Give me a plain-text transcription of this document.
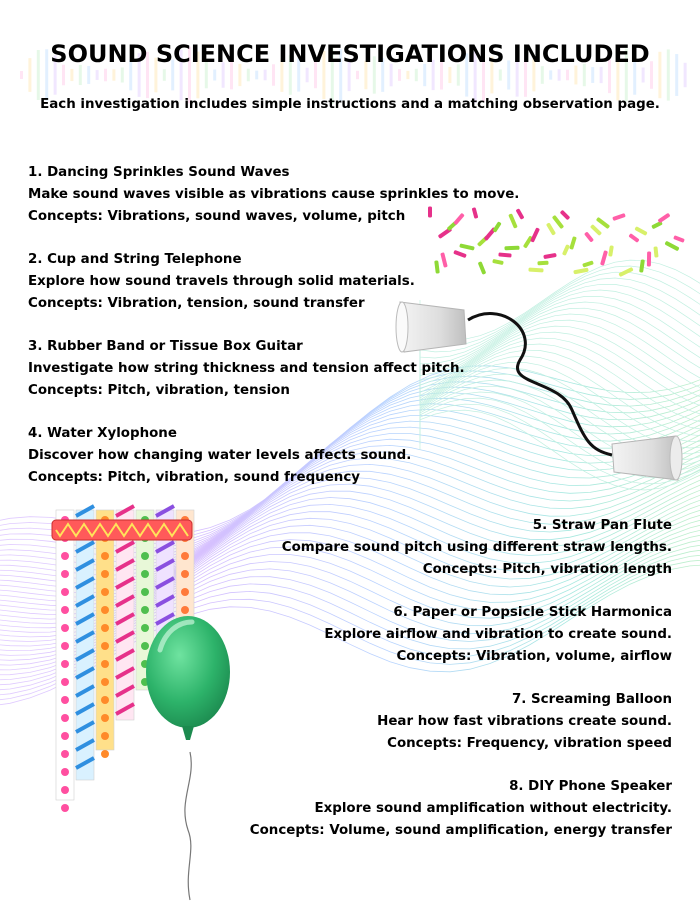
SOUND SCIENCE INVESTIGATIONS INCLUDED
Each investigation includes simple instructions and a matching observation page.
1. Dancing Sprinkles Sound Waves
Make sound waves visible as vibrations cause sprinkles to move.
Concepts: Vibrations, sound waves, volume, pitch
2. Cup and String Telephone
Explore how sound travels through solid materials.
Concepts: Vibration, tension, sound transfer
3. Rubber Band or Tissue Box Guitar
Investigate how string thickness and tension affect pitch.
Concepts: Pitch, vibration, tension
4. Water Xylophone
Discover how changing water levels affects sound.
Concepts: Pitch, vibration, sound frequency
5. Straw Pan Flute
Compare sound pitch using different straw lengths.
Concepts: Pitch, vibration length
6. Paper or Popsicle Stick Harmonica
Explore airflow and vibration to create sound.
Concepts: Vibration, volume, airflow
7. Screaming Balloon
Hear how fast vibrations create sound.
Concepts: Frequency, vibration speed
8. DIY Phone Speaker
Explore sound amplification without electricity.
Concepts: Volume, sound amplification, energy transfer
